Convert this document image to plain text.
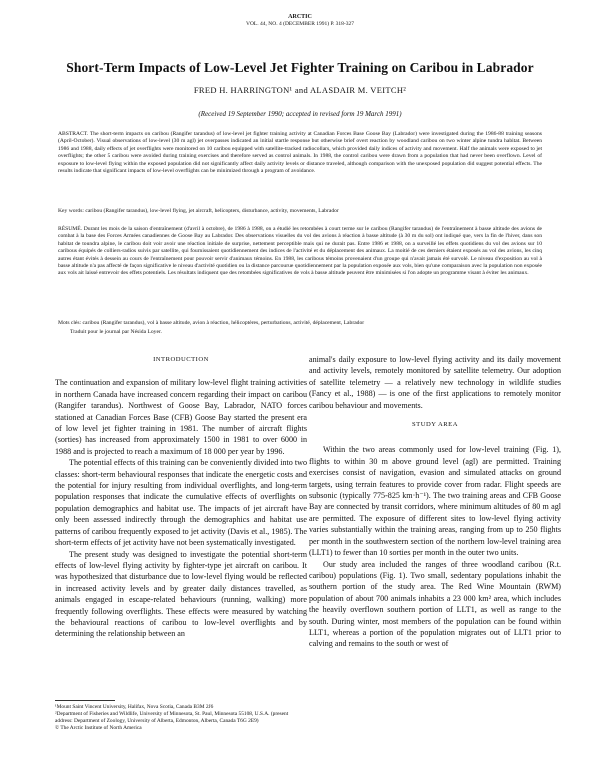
ARCTIC
VOL. 44, NO. 4 (DECEMBER 1991) P. 318-327
Short-Term Impacts of Low-Level Jet Fighter Training on Caribou in Labrador
FRED H. HARRINGTON¹ and ALASDAIR M. VEITCH²
(Received 19 September 1990; accepted in revised form 19 March 1991)
ABSTRACT. The short-term impacts on caribou (Rangifer tarandus) of low-level jet fighter training activity at Canadian Forces Base Goose Bay (Labrador) were investigated during the 1986-88 training seasons (April-October). Visual observations of low-level (30 m agl) jet overpasses indicated an initial startle response but otherwise brief overt reaction by woodland caribou on two winter alpine tundra habitat. Between 1986 and 1988, daily effects of jet overflights were monitored on 10 caribou equipped with satellite-tracked radiocollars, which provided daily indices of activity and movement. Half the animals were exposed to jet overflights; the other 5 caribou were avoided during training exercises and therefore served as control animals. In 1988, the control caribou were drawn from a population that had never been overflown. Level of exposure to low-level flying within the exposed population did not significantly affect daily activity levels or distance traveled, although comparison with the unexposed population did suggest potential effects. The results indicate that significant impacts of low-level overflights can be minimized through a program of avoidance.
Key words: caribou (Rangifer tarandus), low-level flying, jet aircraft, helicopters, disturbance, activity, movements, Labrador
RÉSUMÉ. Durant les mois de la saison d'entraînement (d'avril à octobre), de 1986 à 1988, on a étudié les retombées à court terme sur le caribou (Rangifer tarandus) de l'entraînement à basse altitude des avions de combat à la base des Forces Armées canadiennes de Goose Bay au Labrador. Des observations visuelles du vol des avions à réaction à basse altitude (à 30 m du sol) ont indiqué que, vers la fin de l'hiver, dans son habitat de toundra alpine, le caribou doit voir avoir une réaction initiale de surprise, nettement perceptible mais qui ne durait pas. Entre 1986 et 1988, on a surveillé les effets quotidiens du vol des avions sur 10 caribous équipés de colliers-radios suivis par satellite, qui fournissaient quotidiennement des indices de l'activité et du déplacement des animaux. La moitié de ces derniers étaient exposés au vol des avions, les cinq autres étant évités à dessein au cours de l'entraînement pour pouvoir servir d'animaux témoins. En 1988, les caribous témoins provenaient d'un groupe qui n'avait jamais été survolé. Le niveau d'exposition au vol à basse altitude n'a pas affecté de façon significative le niveau d'activité quotidien ou la distance parcourue quotidiennement par la population exposée aux vols, bien qu'une comparaison avec la population non exposée aux vols ait laissé entrevoir des effets potentiels. Les résultats indiquent que des retombées significatives de vols à basse altitude peuvent être minimisées si l'on adopte un programme visant à éviter les animaux.
Mots clés: caribou (Rangifer tarandus), vol à basse altitude, avion à réaction, hélicoptères, perturbations, activité, déplacement, Labrador
Traduit pour le journal par Nésida Loyer.
INTRODUCTION

The continuation and expansion of military low-level flight training activities in northern Canada have increased concern regarding their impact on caribou (Rangifer tarandus). Northwest of Goose Bay, Labrador, NATO forces stationed at Canadian Forces Base (CFB) Goose Bay started the present era of low level jet fighter training in 1981. The number of aircraft flights (sorties) has increased from approximately 1500 in 1981 to over 6000 in 1988 and is projected to reach a maximum of 18 000 per year by 1996.

The potential effects of this training can be conveniently divided into two classes: short-term behavioural responses that indicate the energetic costs and the potential for injury resulting from individual overflights, and long-term population responses that indicate the cumulative effects of overflights on population demographics and habitat use. The impacts of jet aircraft have only been assessed indirectly through the demographics and habitat use patterns of caribou frequently exposed to jet activity (Davis et al., 1985). The short-term effects of jet activity have not been systematically investigated.

The present study was designed to investigate the potential short-term effects of low-level flying activity by fighter-type jet aircraft on caribou. It was hypothesized that disturbance due to low-level flying would be reflected in increased activity levels and by greater daily distances travelled, as animals engaged in escape-related behaviours (running, walking) more frequently following overflights. These effects were measured by watching the behavioural reactions of caribou to low-level overflights and by determining the relationship between an

animal's daily exposure to low-level flying activity and its daily movement and activity levels, remotely monitored by satellite telemetry. Our adoption of satellite telemetry — a relatively new technology in wildlife studies (Fancy et al., 1988) — is one of the first applications to remotely monitor caribou behaviour and movements.

STUDY AREA

Within the two areas commonly used for low-level training (Fig. 1), flights to within 30 m above ground level (agl) are permitted. Training exercises consist of navigation, evasion and simulated attacks on ground targets, using terrain features to provide cover from radar. Flight speeds are subsonic (typically 775-825 km·h⁻¹). The two training areas and CFB Goose Bay are connected by transit corridors, where minimum altitudes of 80 m agl are permitted. The exposure of different sites to low-level flying activity varies substantially within the training areas, ranging from up to 250 flights per month in the southwestern section of the northern low-level training area (LLT1) to fewer than 10 sorties per month in the outer two units.

Our study area included the ranges of three woodland caribou (R.t. caribou) populations (Fig. 1). Two small, sedentary populations inhabit the southern portion of the study area. The Red Wine Mountain (RWM) population of about 700 animals inhabits a 23 000 km² area, which includes the heavily overflown southern portion of LLT1, as well as range to the south. During winter, most members of the population can be found within LLT1, whereas a portion of the population migrates out of LLT1 prior to calving and remains to the south or west of

¹Mount Saint Vincent University, Halifax, Nova Scotia, Canada B3M 2J6
²Department of Fisheries and Wildlife, University of Minnesota, St. Paul, Minnesota 55108, U.S.A. (present address: Department of Zoology, University of Alberta, Edmonton, Alberta, Canada T6G 2E9)
© The Arctic Institute of North America
